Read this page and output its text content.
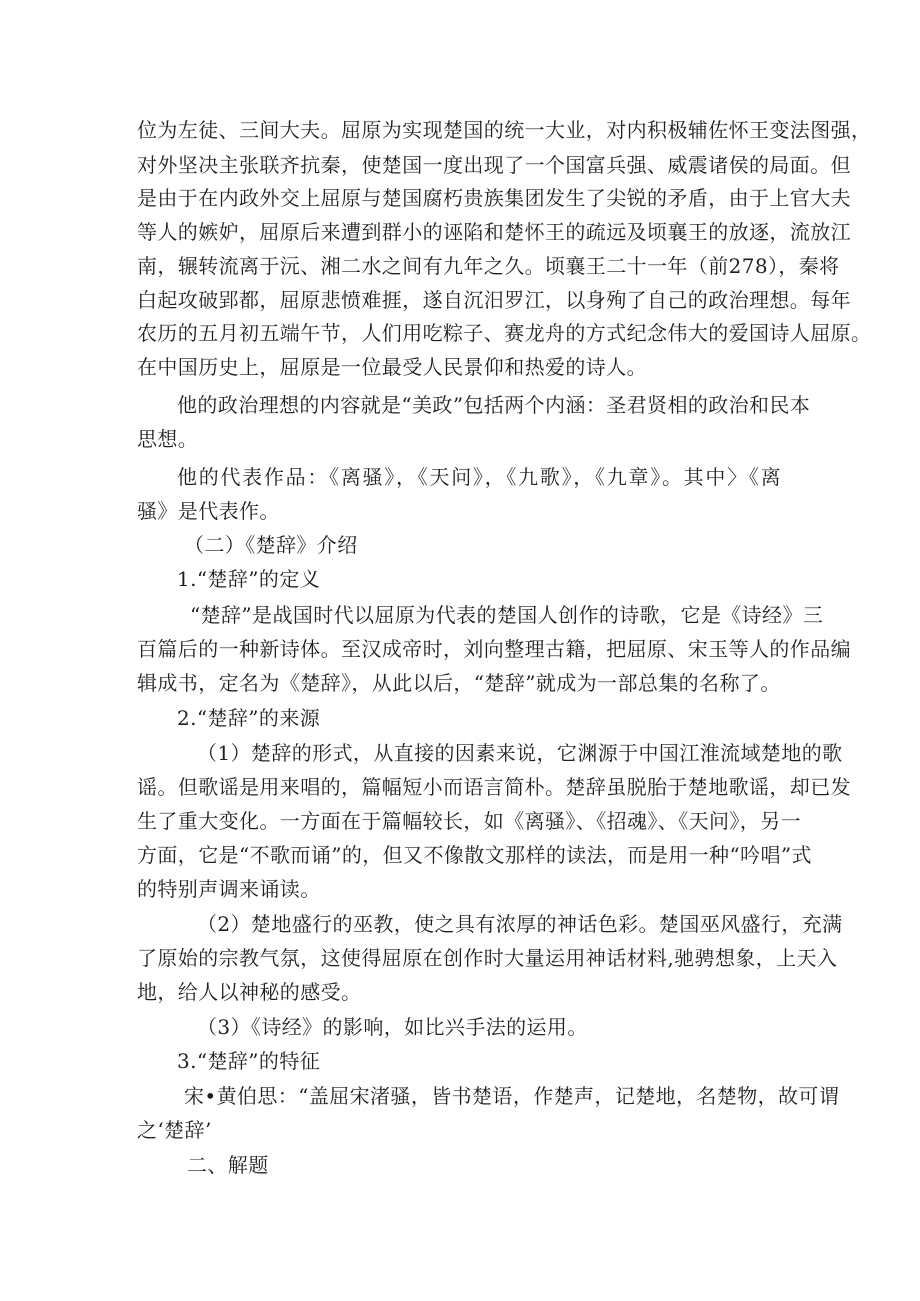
位为左徒、三间大夫。屈原为实现楚国的统一大业，对内积极辅佐怀王变法图强，
对外坚决主张联齐抗秦，使楚国一度出现了一个国富兵强、威震诸侯的局面。但
是由于在内政外交上屈原与楚国腐朽贵族集团发生了尖锐的矛盾，由于上官大夫
等人的嫉妒，屈原后来遭到群小的诬陷和楚怀王的疏远及顷襄王的放逐，流放江
南，辗转流离于沅、湘二水之间有九年之久。顷襄王二十一年（前278），秦将
白起攻破郢都，屈原悲愤难捱，遂自沉汨罗江，以身殉了自己的政治理想。每年
农历的五月初五端午节，人们用吃粽子、赛龙舟的方式纪念伟大的爱国诗人屈原。
在中国历史上，屈原是一位最受人民景仰和热爱的诗人。
他的政治理想的内容就是“美政”包括两个内涵：圣君贤相的政治和民本
思想。
他的代表作品：《离骚》，《天问》，《九歌》，《九章》。其中〉《离
骚》是代表作。
（二）《楚辞》介绍
1.“楚辞”的定义
“楚辞”是战国时代以屈原为代表的楚国人创作的诗歌，它是《诗经》三
百篇后的一种新诗体。至汉成帝时，刘向整理古籍，把屈原、宋玉等人的作品编
辑成书，定名为《楚辞》，从此以后，“楚辞”就成为一部总集的名称了。
2.“楚辞”的来源
（1）楚辞的形式，从直接的因素来说，它渊源于中国江淮流域楚地的歌
谣。但歌谣是用来唱的，篇幅短小而语言简朴。楚辞虽脱胎于楚地歌谣，却已发
生了重大变化。一方面在于篇幅较长，如《离骚》、《招魂》、《天问》，另一
方面，它是“不歌而诵”的，但又不像散文那样的读法，而是用一种“吟唱”式
的特别声调来诵读。
（2）楚地盛行的巫教，使之具有浓厚的神话色彩。楚国巫风盛行，充满
了原始的宗教气氛，这使得屈原在创作时大量运用神话材料,驰骋想象，上天入
地，给人以神秘的感受。
（3）《诗经》的影响，如比兴手法的运用。
3.“楚辞”的特征
宋•黄伯思：“盖屈宋渚骚，皆书楚语，作楚声，记楚地，名楚物，故可谓
之‘楚辞’
二、解题
